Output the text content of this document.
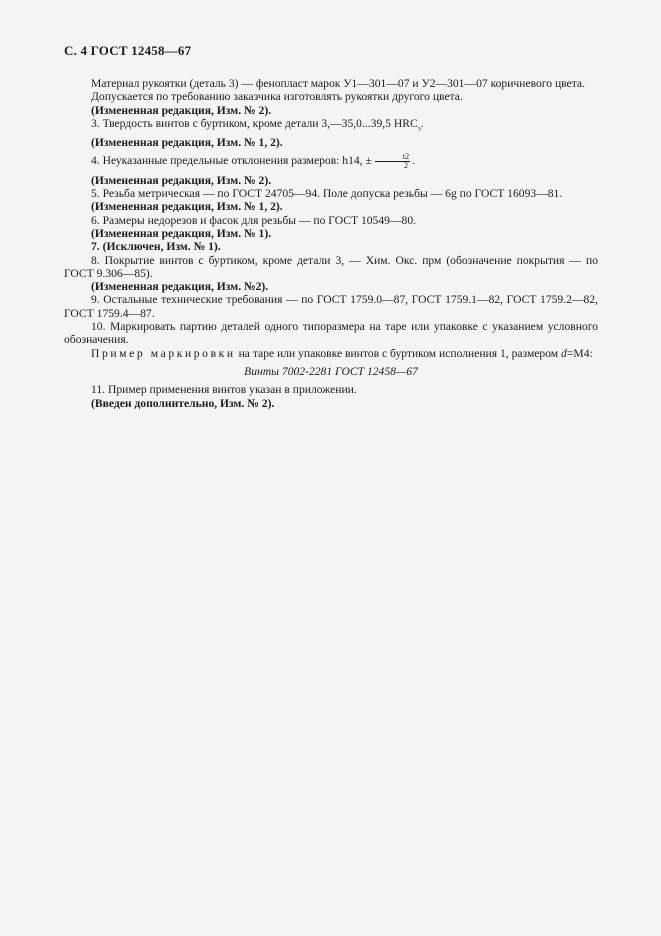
С. 4 ГОСТ 12458—67

Материал рукоятки (деталь 3) — фенопласт марок У1—301—07 и У2—301—07 коричневого цвета.

Допускается по требованию заказчика изготовлять рукоятки другого цвета.

(Измененная редакция, Изм. № 2).

3. Твердость винтов с буртиком, кроме детали 3,—35,0...39,5 $HRC_э$.

(Измененная редакция, Изм. № 1, 2).

4. Неуказанные предельные отклонения размеров: h14, ± $\frac{t2}{2}$ .

(Измененная редакция, Изм. № 2).

5. Резьба метрическая — по ГОСТ 24705—94. Поле допуска резьбы — 6g по ГОСТ 16093—81.

(Измененная редакция, Изм. № 1, 2).

6. Размеры недорезов и фасок для резьбы — по ГОСТ 10549—80.

(Измененная редакция, Изм. № 1).

7. (Исключен, Изм. № 1).

8. Покрытие винтов с буртиком, кроме детали 3, — Хим. Окс. прм (обозначение покрытия — по ГОСТ 9.306—85).

(Измененная редакция, Изм. №2).

9. Остальные технические требования — по ГОСТ 1759.0—87, ГОСТ 1759.1—82, ГОСТ 1759.2—82, ГОСТ 1759.4—87.

10. Маркировать партию деталей одного типоразмера на таре или упаковке с указанием условного обозначения.

Пример маркировки на таре или упаковке винтов с буртиком исполнения 1, размером d=М4:

Винты 7002-2281 ГОСТ 12458—67

11. Пример применения винтов указан в приложении.

(Введен дополнительно, Изм. № 2).
